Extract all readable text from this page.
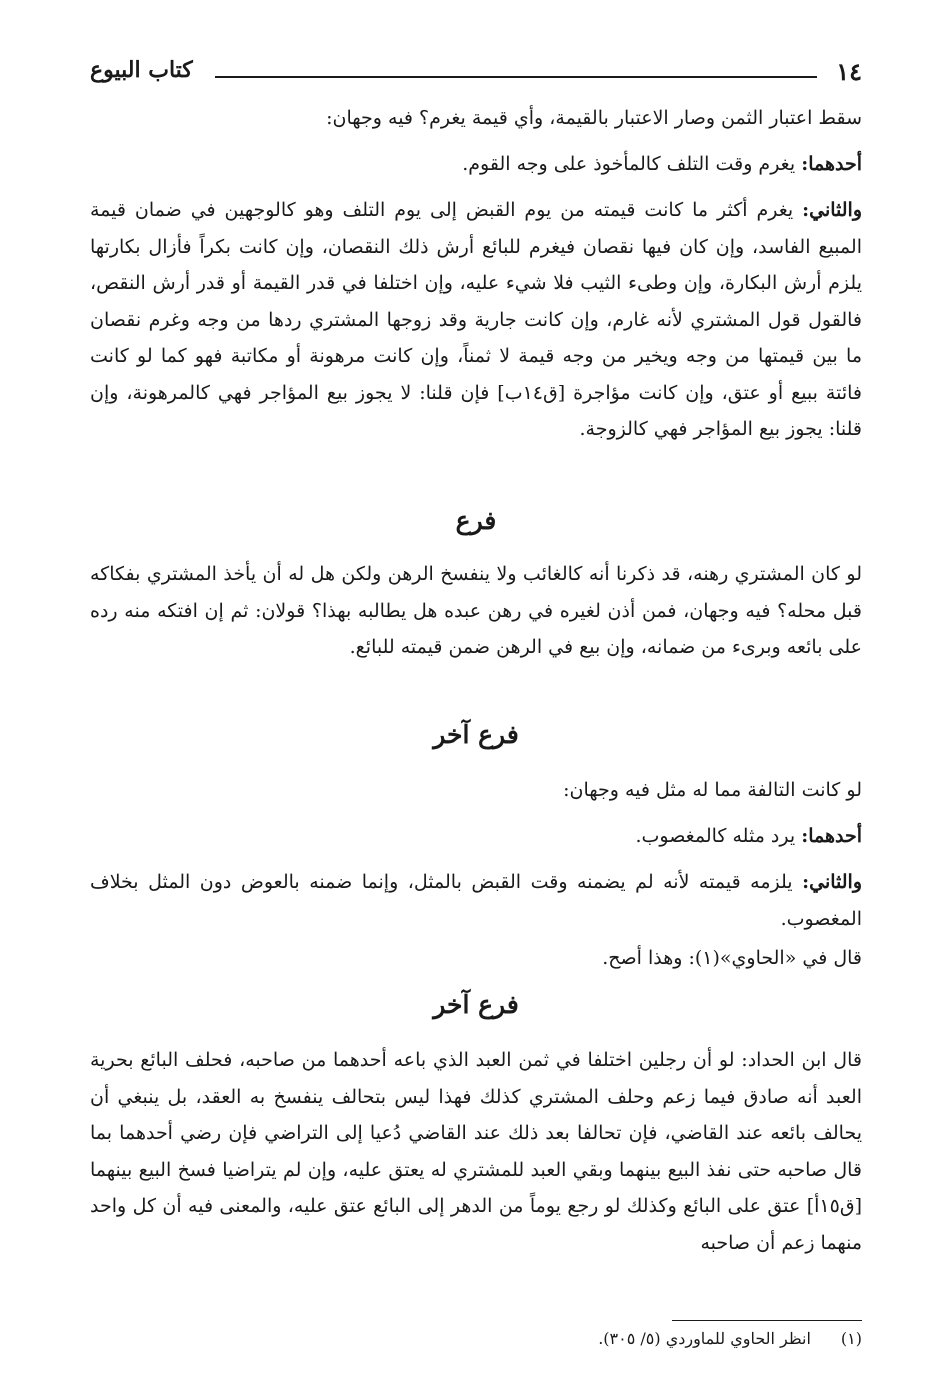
١٤
كتاب البيوع
سقط اعتبار الثمن وصار الاعتبار بالقيمة، وأي قيمة يغرم؟ فيه وجهان:
أحدهما: يغرم وقت التلف كالمأخوذ على وجه القوم.
والثاني: يغرم أكثر ما كانت قيمته من يوم القبض إلى يوم التلف وهو كالوجهين في ضمان قيمة المبيع الفاسد، وإن كان فيها نقصان فيغرم للبائع أرش ذلك النقصان، وإن كانت بكراً فأزال بكارتها يلزم أرش البكارة، وإن وطىء الثيب فلا شيء عليه، وإن اختلفا في قدر القيمة أو قدر أرش النقص، فالقول قول المشتري لأنه غارم، وإن كانت جارية وقد زوجها المشتري ردها من وجه وغرم نقصان ما بين قيمتها من وجه ويخير من وجه قيمة لا ثمناً، وإن كانت مرهونة أو مكاتبة فهو كما لو كانت فائتة ببيع أو عتق، وإن كانت مؤاجرة [ق١٤ب] فإن قلنا: لا يجوز بيع المؤاجر فهي كالمرهونة، وإن قلنا: يجوز بيع المؤاجر فهي كالزوجة.
فرع
لو كان المشتري رهنه، قد ذكرنا أنه كالغائب ولا ينفسخ الرهن ولكن هل له أن يأخذ المشتري بفكاكه قبل محله؟ فيه وجهان، فمن أذن لغيره في رهن عبده هل يطالبه بهذا؟ قولان: ثم إن افتكه منه رده على بائعه وبرىء من ضمانه، وإن بيع في الرهن ضمن قيمته للبائع.
فرع آخر
لو كانت التالفة مما له مثل فيه وجهان:
أحدهما: يرد مثله كالمغصوب.
والثاني: يلزمه قيمته لأنه لم يضمنه وقت القبض بالمثل، وإنما ضمنه بالعوض دون المثل بخلاف المغصوب.
قال في «الحاوي»(١): وهذا أصح.
فرع آخر
قال ابن الحداد: لو أن رجلين اختلفا في ثمن العبد الذي باعه أحدهما من صاحبه، فحلف البائع بحرية العبد أنه صادق فيما زعم وحلف المشتري كذلك فهذا ليس بتحالف ينفسخ به العقد، بل ينبغي أن يحالف بائعه عند القاضي، فإن تحالفا بعد ذلك عند القاضي دُعيا إلى التراضي فإن رضي أحدهما بما قال صاحبه حتى نفذ البيع بينهما وبقي العبد للمشتري له يعتق عليه، وإن لم يتراضيا فسخ البيع بينهما [ق١٥أ] عتق على البائع وكذلك لو رجع يوماً من الدهر إلى البائع عتق عليه، والمعنى فيه أن كل واحد منهما زعم أن صاحبه
(١)انظر الحاوي للماوردي (٥/ ٣٠٥).
